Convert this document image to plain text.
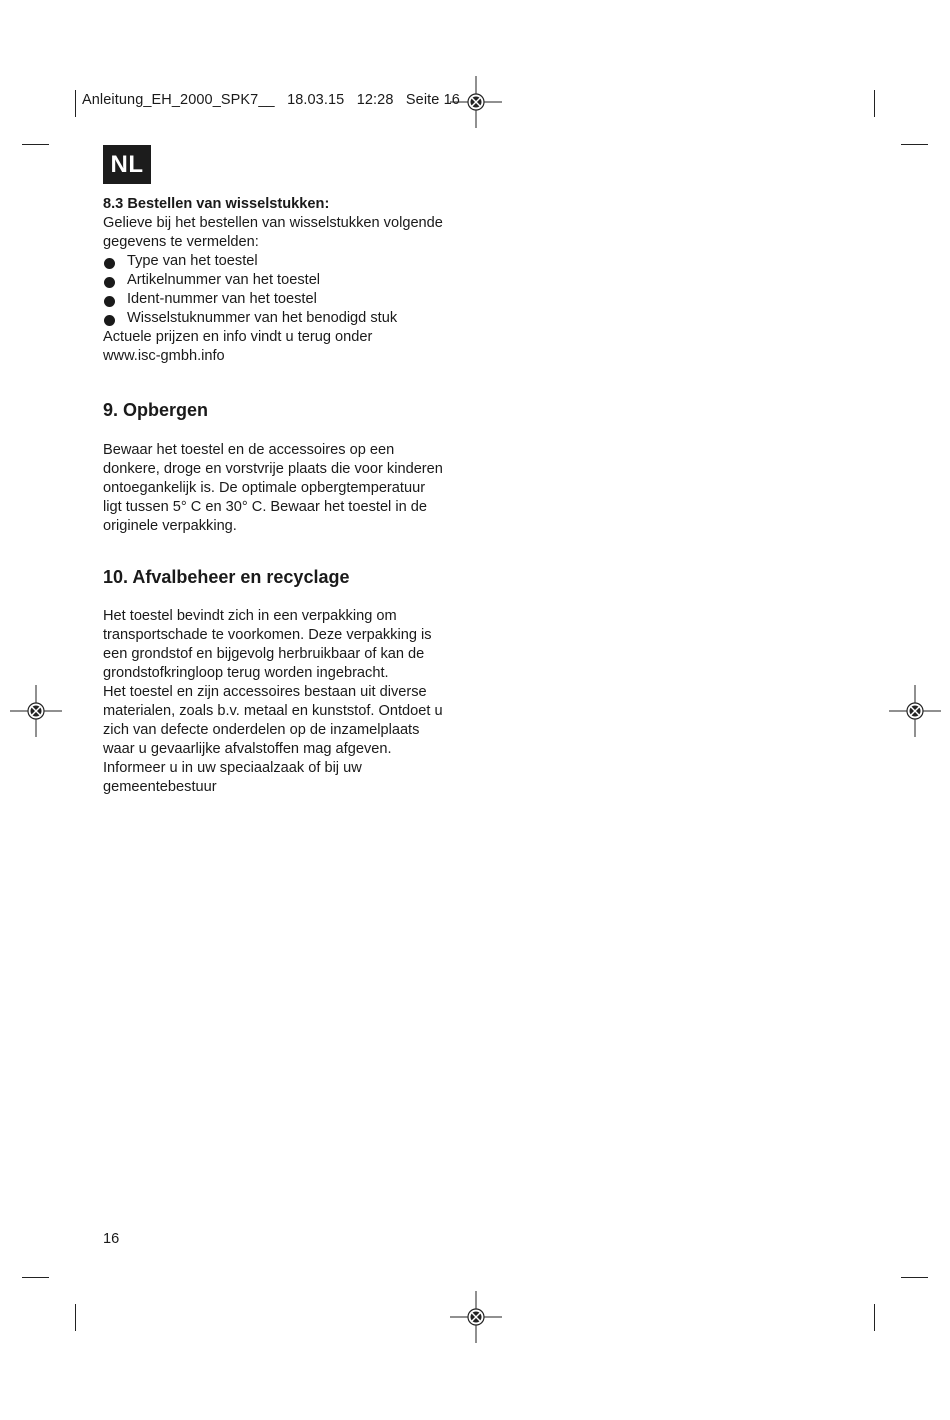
Anleitung_EH_2000_SPK7__ 18.03.15 12:28 Seite 16
NL

8.3 Bestellen van wisselstukken:

Gelieve bij het bestellen van wisselstukken volgende

gegevens te vermelden:

Type van het toestel
Artikelnummer van het toestel
Ident-nummer van het toestel
Wisselstuknummer van het benodigd stuk

Actuele prijzen en info vindt u terug onder

www.isc-gmbh.info

9. Opbergen

Bewaar het toestel en de accessoires op een

donkere, droge en vorstvrije plaats die voor kinderen

ontoegankelijk is. De optimale opbergtemperatuur

ligt tussen 5° C en 30° C. Bewaar het toestel in de

originele verpakking.

10. Afvalbeheer en recyclage

Het toestel bevindt zich in een verpakking om

transportschade te voorkomen. Deze verpakking is

een grondstof en bijgevolg herbruikbaar of kan de

grondstofkringloop terug worden ingebracht.

Het toestel en zijn accessoires bestaan uit diverse

materialen, zoals b.v. metaal en kunststof. Ontdoet u

zich van defecte onderdelen op de inzamelplaats

waar u gevaarlijke afvalstoffen mag afgeven.

Informeer u in uw speciaalzaak of bij uw

gemeentebestuur

16
